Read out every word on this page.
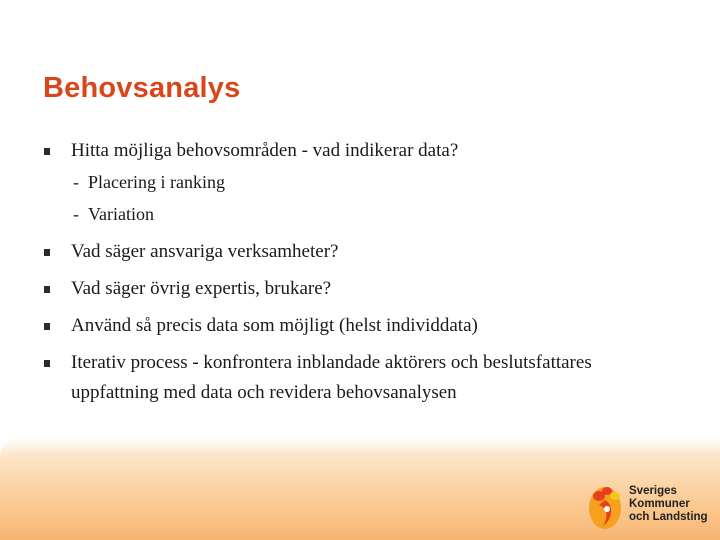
Behovsanalys
Hitta möjliga behovsområden - vad indikerar data?
- Placering i ranking
- Variation
Vad säger ansvariga verksamheter?
Vad säger övrig expertis, brukare?
Använd så precis data som möjligt (helst individdata)
Iterativ process - konfrontera inblandade aktörers och beslutsfattares uppfattning med data och revidera behovsanalysen
Sveriges
Kommuner
och Landsting
